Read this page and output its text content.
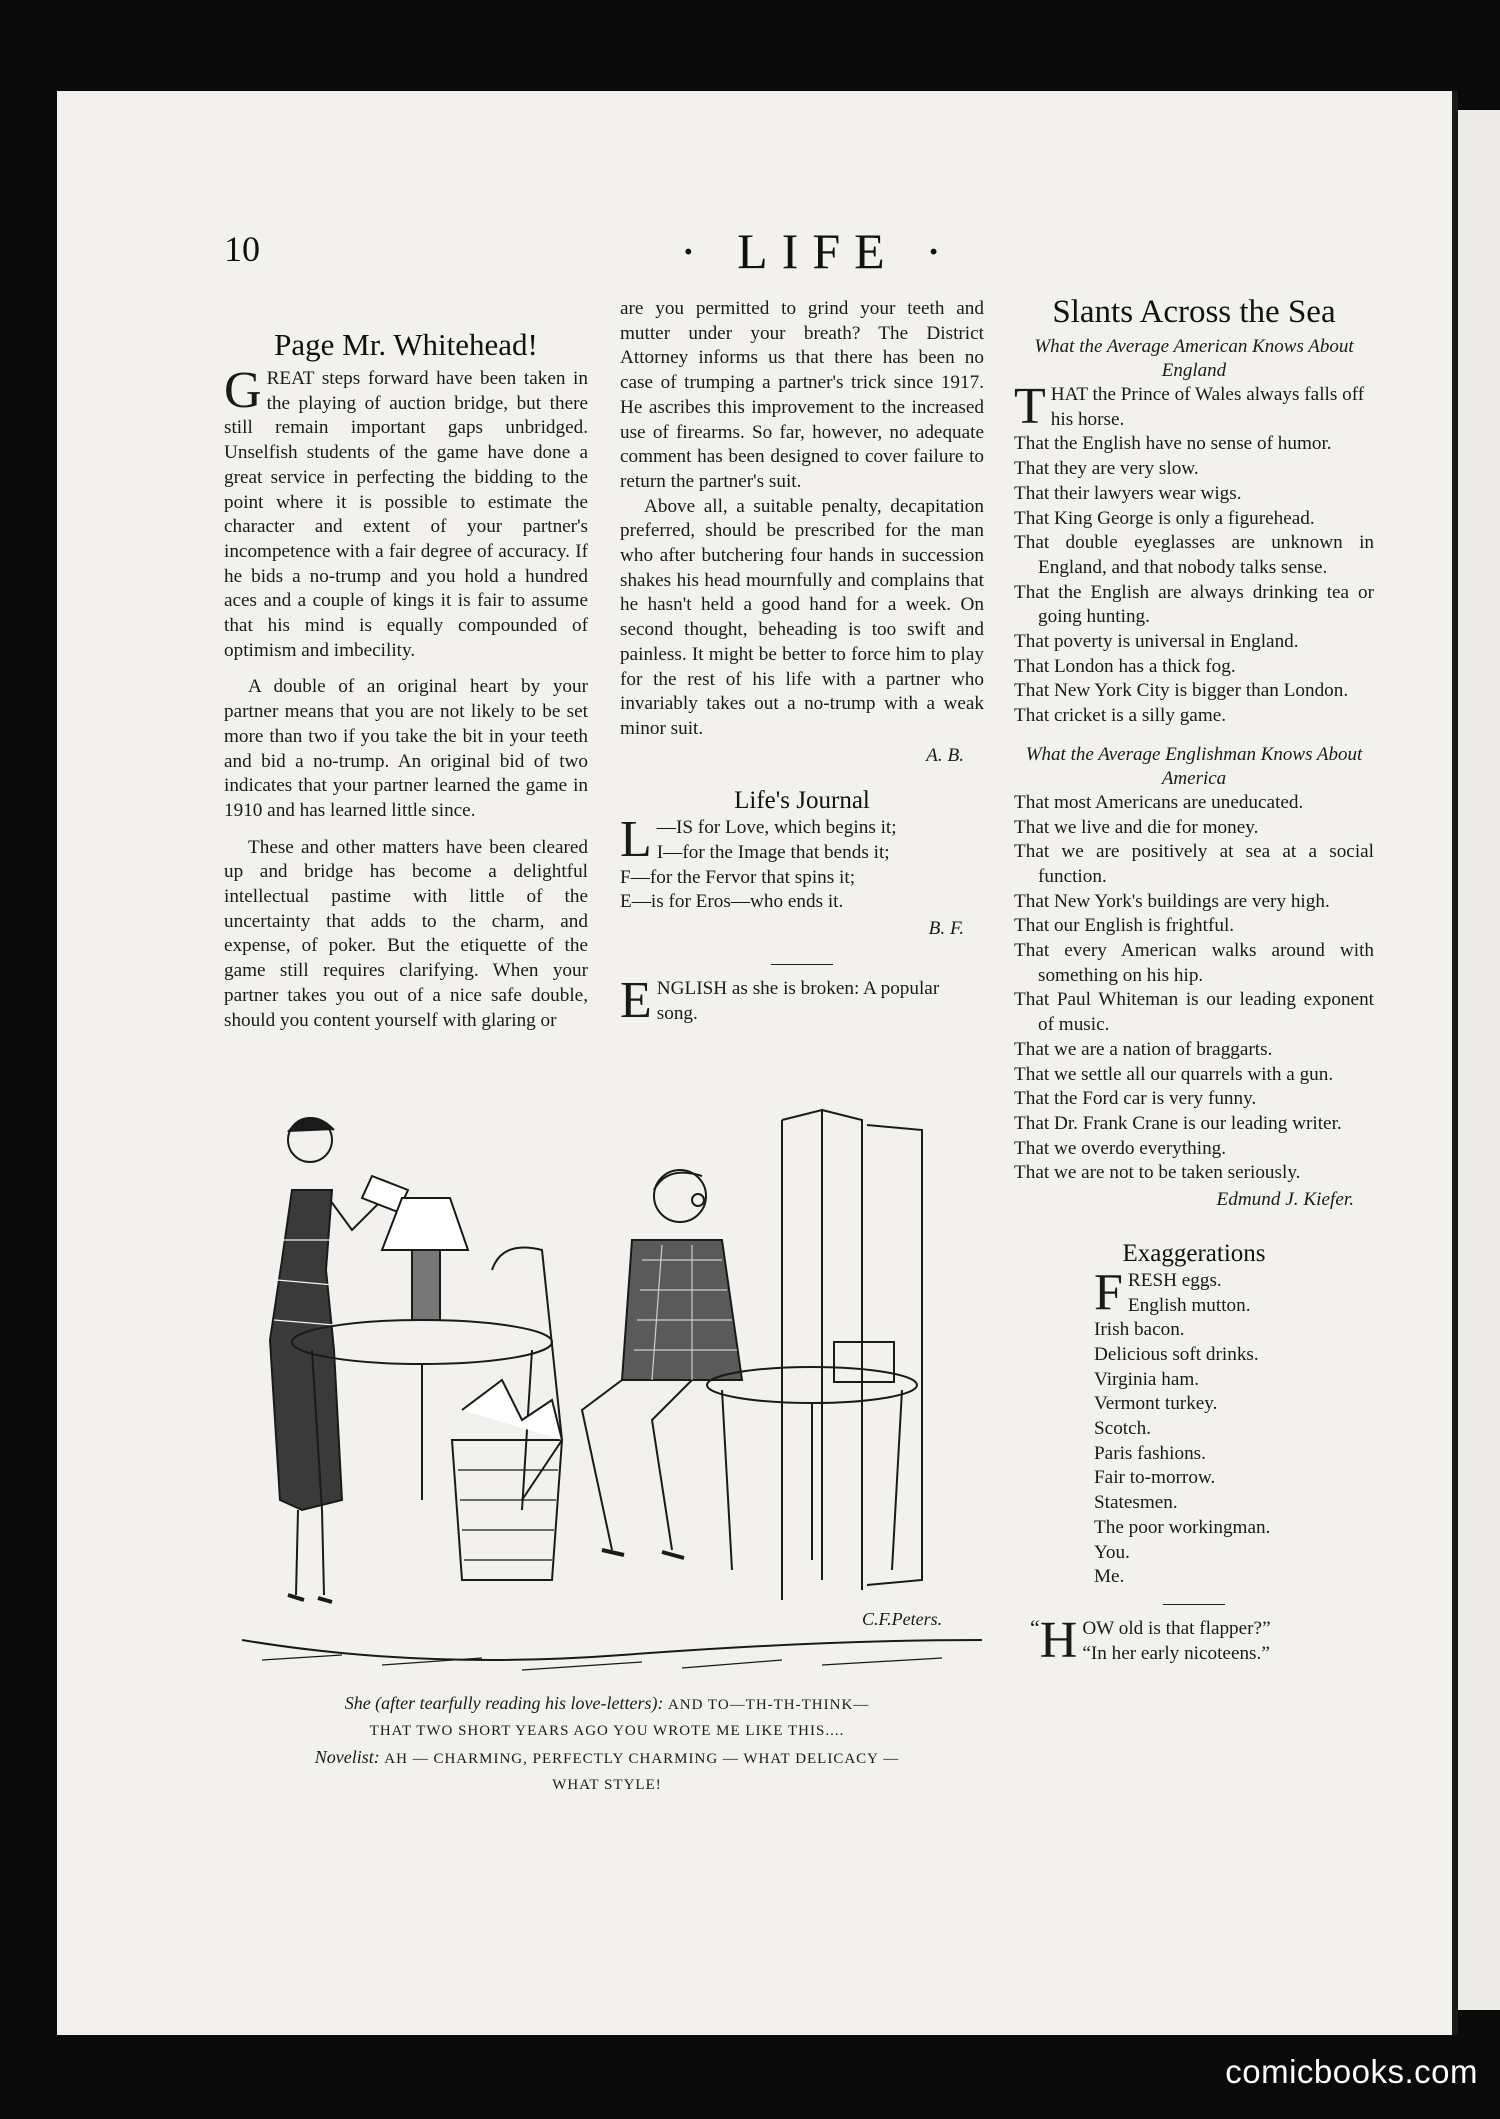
10	· LIFE ·
Page Mr. Whitehead!

GREAT steps forward have been taken in the playing of auction bridge, but there still remain important gaps unbridged. Unselfish students of the game have done a great service in perfecting the bidding to the point where it is possible to estimate the character and extent of your partner's incompetence with a fair degree of accuracy. If he bids a no-trump and you hold a hundred aces and a couple of kings it is fair to assume that his mind is equally compounded of optimism and imbecility.

A double of an original heart by your partner means that you are not likely to be set more than two if you take the bit in your teeth and bid a no-trump. An original bid of two indicates that your partner learned the game in 1910 and has learned little since.

These and other matters have been cleared up and bridge has become a delightful intellectual pastime with little of the uncertainty that adds to the charm, and expense, of poker. But the etiquette of the game still requires clarifying. When your partner takes you out of a nice safe double, should you content yourself with glaring or

are you permitted to grind your teeth and mutter under your breath? The District Attorney informs us that there has been no case of trumping a partner's trick since 1917. He ascribes this improvement to the increased use of firearms. So far, however, no adequate comment has been designed to cover failure to return the partner's suit.

Above all, a suitable penalty, decapitation preferred, should be prescribed for the man who after butchering four hands in succession shakes his head mournfully and complains that he hasn't held a good hand for a week. On second thought, beheading is too swift and painless. It might be better to force him to play for the rest of his life with a partner who invariably takes out a no-trump with a weak minor suit.

A. B.
Life's Journal
L —IS for Love, which begins it;
I—for the Image that bends it;
F—for the Fervor that spins it;
E—is for Eros—who ends it.
B. F.

ENGLISH as she is broken: A popular song.

Slants Across the Sea
What the Average American Knows About England

THAT the Prince of Wales always falls off his horse.

That the English have no sense of humor.

That they are very slow.

That their lawyers wear wigs.

That King George is only a figurehead.

That double eyeglasses are unknown in England, and that nobody talks sense.

That the English are always drinking tea or going hunting.

That poverty is universal in England.

That London has a thick fog.

That New York City is bigger than London.

That cricket is a silly game.

What the Average Englishman Knows About America

That most Americans are uneducated.

That we live and die for money.

That we are positively at sea at a social function.

That New York's buildings are very high.

That our English is frightful.

That every American walks around with something on his hip.

That Paul Whiteman is our leading exponent of music.

That we are a nation of braggarts.

That we settle all our quarrels with a gun.

That the Ford car is very funny.

That Dr. Frank Crane is our leading writer.

That we overdo everything.

That we are not to be taken seriously.

Edmund J. Kiefer.
Exaggerations

FRESH eggs.

English mutton.

Irish bacon.

Delicious soft drinks.

Virginia ham.

Vermont turkey.

Scotch.

Paris fashions.

Fair to-morrow.

Statesmen.

The poor workingman.

You.

Me.

“ H OW old is that flapper?”
“In her early nicoteens.”
C.F.Peters.
She (after tearfully reading his love-letters): AND TO—TH-TH-THINK—
THAT TWO SHORT YEARS AGO YOU WROTE ME LIKE THIS....
Novelist: AH — CHARMING, PERFECTLY CHARMING — WHAT DELICACY —
WHAT STYLE!
comicbooks.com
